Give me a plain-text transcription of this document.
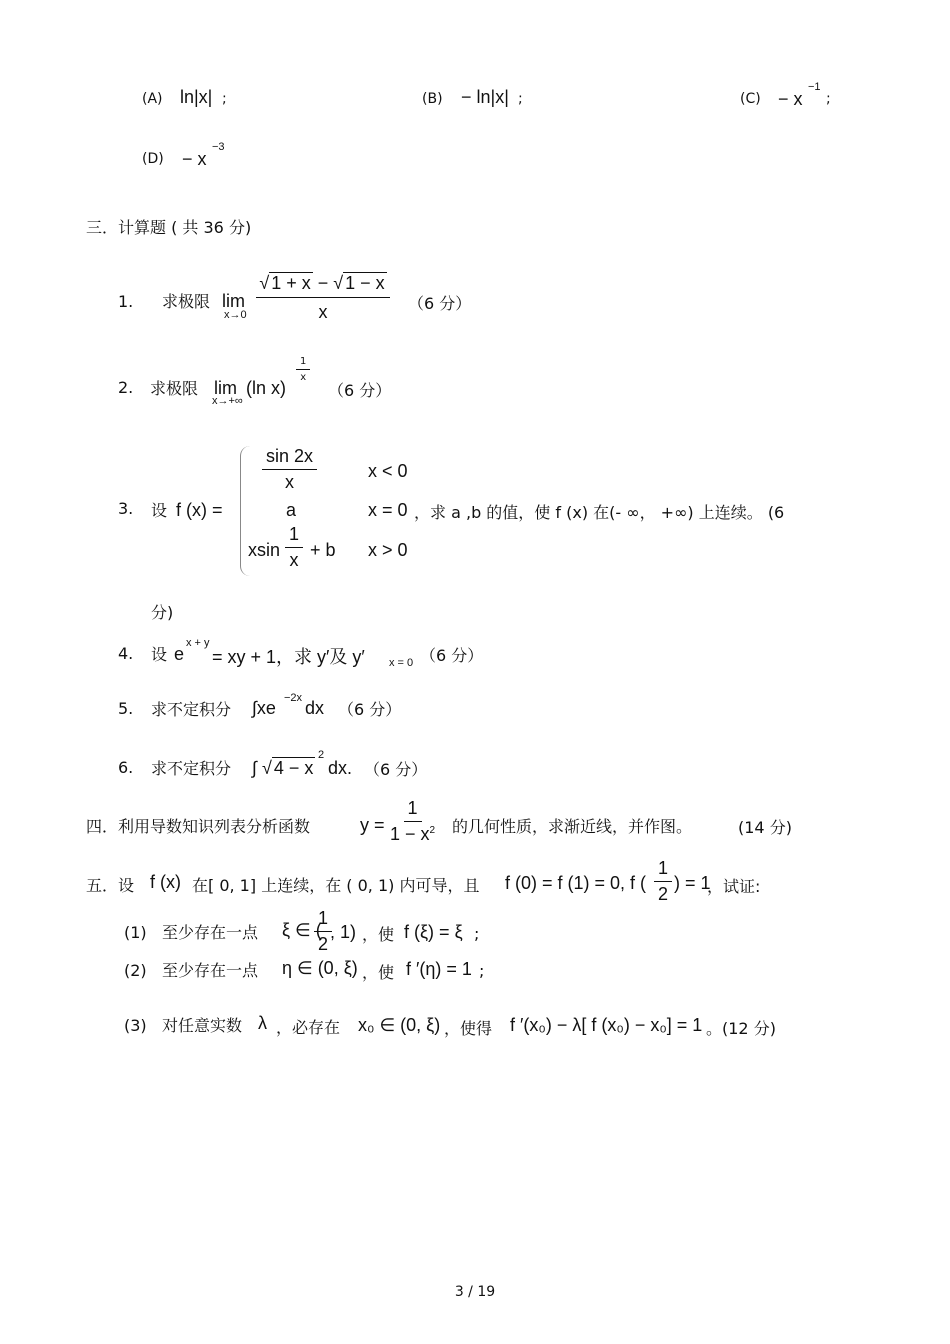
(A) ln|x| ;	(B) − ln|x| ;	(C) − x
−1
;
(D) − x
−3
三．计算题 ( 共 36 分)
1. 求极限 lim
x→0
√ 1 + x − √ 1 − x
x	（6 分）
2. 求极限 lim
x→+∞
(ln x)
$\frac{1}{x}$
（6 分）
3. 设 f (x) =
$\frac{\sin 2x}{x}$	x < 0
a	x = 0
xsin $\frac{1}{x} + b$ x > 0
，求 a ,b 的值，使 f (x) 在(- ∞， +∞) 上连续。 (6
分)
4. 设 e
x + y
= xy + 1，求 y′及 y′ x = 0 （6 分）
5. 求不定积分 ∫xe −2x dx （6 分）
6. 求不定积分 ∫ √ 4 − x
2
dx. （6 分）
四．利用导数知识列表分析函数	$y = \frac{1}{1 - x^2}$ 的几何性质，求渐近线，并作图。	(14 分)
五．设 f (x) 在[ 0, 1] 上连续，在 ( 0, 1) 内可导，且 f (0) = f (1) = 0, f ( $\frac{1}{2}$ ) = 1
，试证:
(1) 至少存在一点 ξ ∈ (
$\frac{1}{2}$
, 1) ，使 f (ξ) = ξ ;
(2) 至少存在一点 η ∈ (0, ξ) ，使 f ′(η) = 1 ;
(3) 对任意实数 λ ，必存在 x₀ ∈ (0, ξ) ，使得 f ′(x₀) − λ[ f (x₀) − x₀] = 1 。(12 分)
3 / 19
